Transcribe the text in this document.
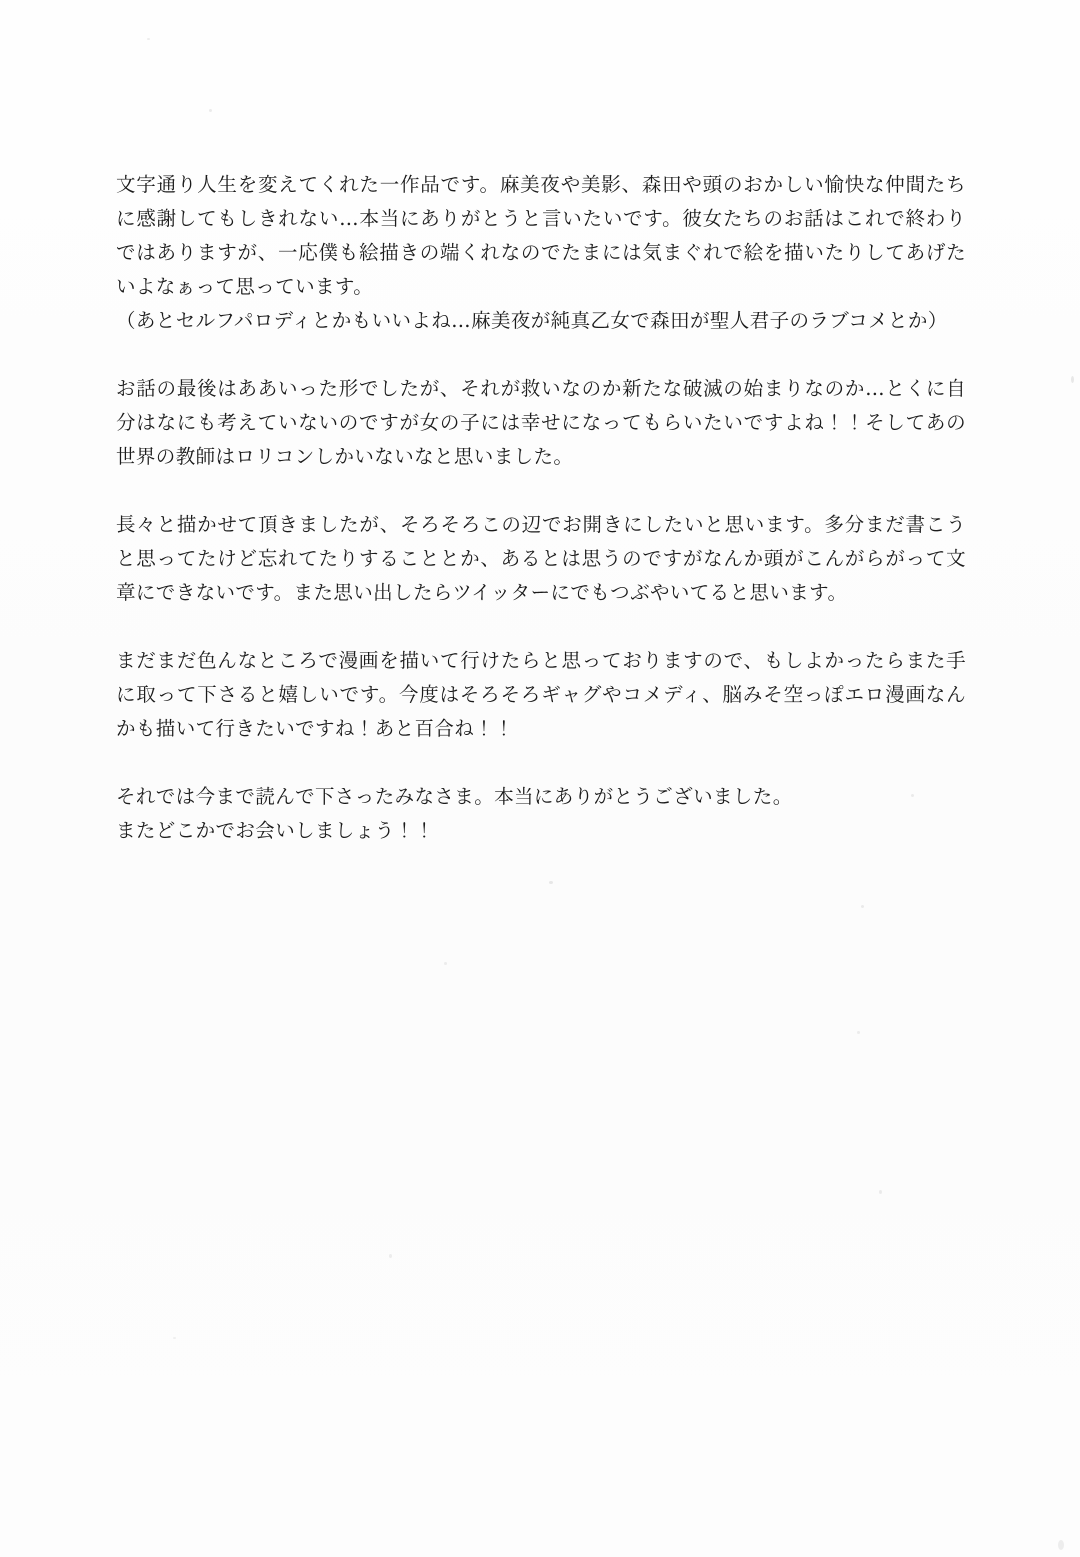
文字通り人生を変えてくれた一作品です。麻美夜や美影、森田や頭のおかしい愉快な仲間たちに感謝してもしきれない…本当にありがとうと言いたいです。彼女たちのお話はこれで終わりではありますが、一応僕も絵描きの端くれなのでたまには気まぐれで絵を描いたりしてあげたいよなぁって思っています。

（あとセルフパロディとかもいいよね…麻美夜が純真乙女で森田が聖人君子のラブコメとか）

お話の最後はああいった形でしたが、それが救いなのか新たな破滅の始まりなのか…とくに自分はなにも考えていないのですが女の子には幸せになってもらいたいですよね！！そしてあの世界の教師はロリコンしかいないなと思いました。

長々と描かせて頂きましたが、そろそろこの辺でお開きにしたいと思います。多分まだ書こうと思ってたけど忘れてたりすることとか、あるとは思うのですがなんか頭がこんがらがって文章にできないです。また思い出したらツイッターにでもつぶやいてると思います。

まだまだ色んなところで漫画を描いて行けたらと思っておりますので、もしよかったらまた手に取って下さると嬉しいです。今度はそろそろギャグやコメディ、脳みそ空っぽエロ漫画なんかも描いて行きたいですね！あと百合ね！！

それでは今まで読んで下さったみなさま。本当にありがとうございました。

またどこかでお会いしましょう！！
